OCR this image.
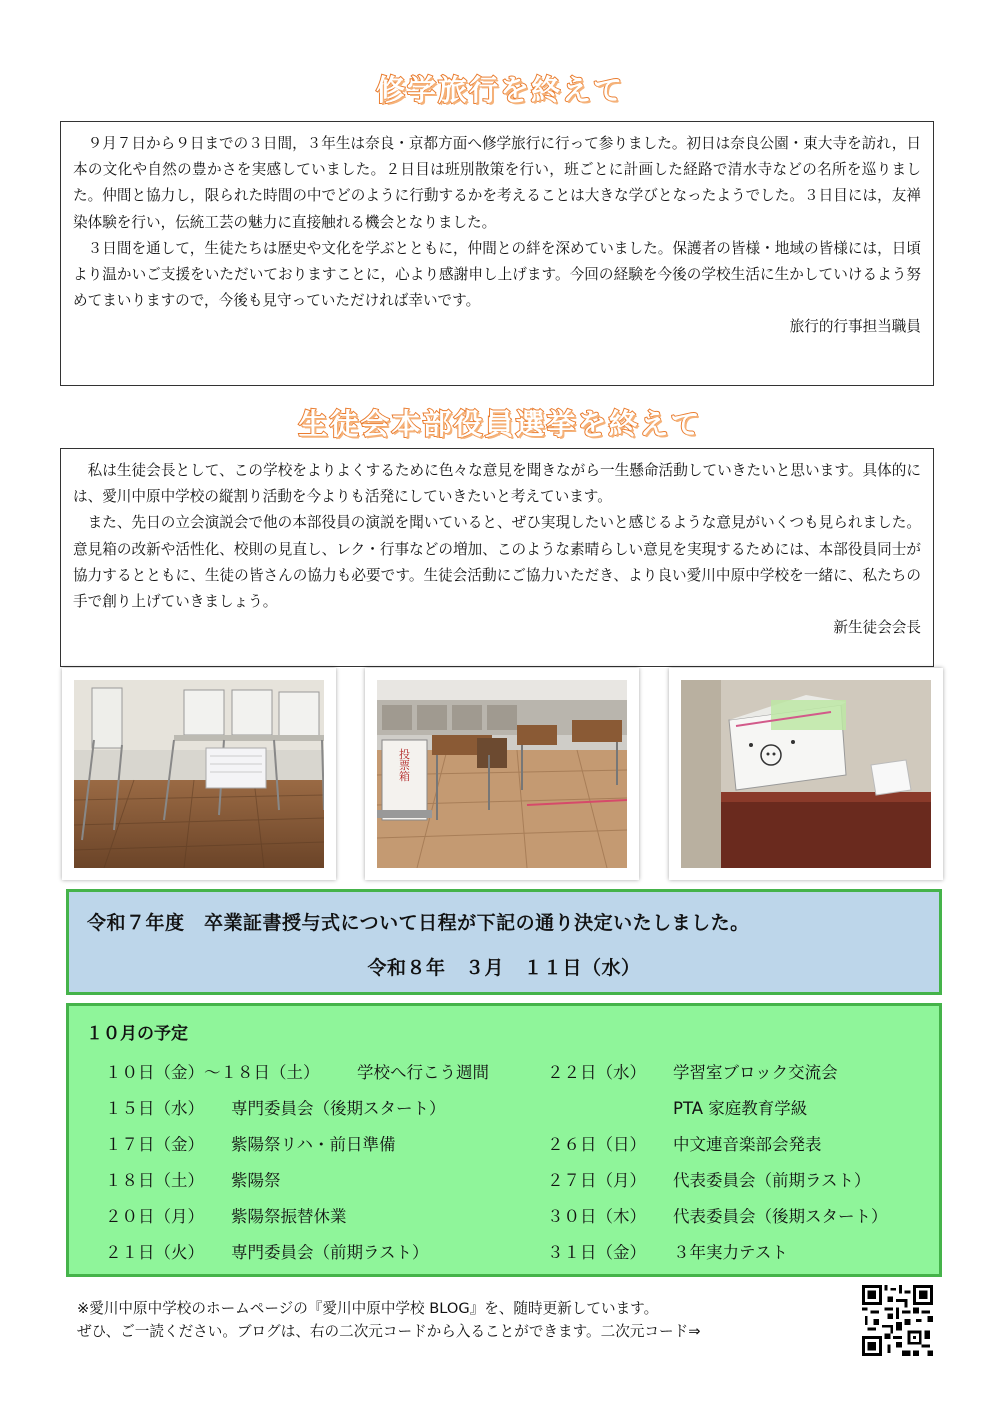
修学旅行を終えて

９月７日から９日までの３日間，３年生は奈良・京都方面へ修学旅行に行って参りました。初日は奈良公園・東大寺を訪れ，日本の文化や自然の豊かさを実感していました。２日目は班別散策を行い，班ごとに計画した経路で清水寺などの名所を巡りました。仲間と協力し，限られた時間の中でどのように行動するかを考えることは大きな学びとなったようでした。３日目には，友禅染体験を行い，伝統工芸の魅力に直接触れる機会となりました。

３日間を通して，生徒たちは歴史や文化を学ぶとともに，仲間との絆を深めていました。保護者の皆様・地域の皆様には，日頃より温かいご支援をいただいておりますことに，心より感謝申し上げます。今回の経験を今後の学校生活に生かしていけるよう努めてまいりますので，今後も見守っていただければ幸いです。

旅行的行事担当職員

生徒会本部役員選挙を終えて

私は生徒会長として、この学校をよりよくするために色々な意見を聞きながら一生懸命活動していきたいと思います。具体的には、愛川中原中学校の縦割り活動を今よりも活発にしていきたいと考えています。

また、先日の立会演説会で他の本部役員の演説を聞いていると、ぜひ実現したいと感じるような意見がいくつも見られました。意見箱の改新や活性化、校則の見直し、レク・行事などの増加、このような素晴らしい意見を実現するためには、本部役員同士が協力するとともに、生徒の皆さんの協力も必要です。生徒会活動にご協力いただき、より良い愛川中原中学校を一緒に、私たちの手で創り上げていきましょう。

新生徒会会長

投票箱
令和７年度　卒業証書授与式について日程が下記の通り決定いたしました。
令和８年　３月　１１日（水）
１０月の予定
１０日（金）～１８日（土） 学校へ行こう週間
１５日（水） 専門委員会（後期スタート）
１７日（金） 紫陽祭リハ・前日準備
１８日（土） 紫陽祭
２０日（月） 紫陽祭振替休業
２１日（火） 専門委員会（前期ラスト）
２２日（水） 学習室ブロック交流会
PTA 家庭教育学級
２６日（日） 中文連音楽部会発表
２７日（月） 代表委員会（前期ラスト）
３０日（木） 代表委員会（後期スタート）
３１日（金） ３年実力テスト
※愛川中原中学校のホームページの『愛川中原中学校 BLOG』を、随時更新しています。
ぜひ、ご一読ください。ブログは、右の二次元コードから入ることができます。二次元コード⇒
